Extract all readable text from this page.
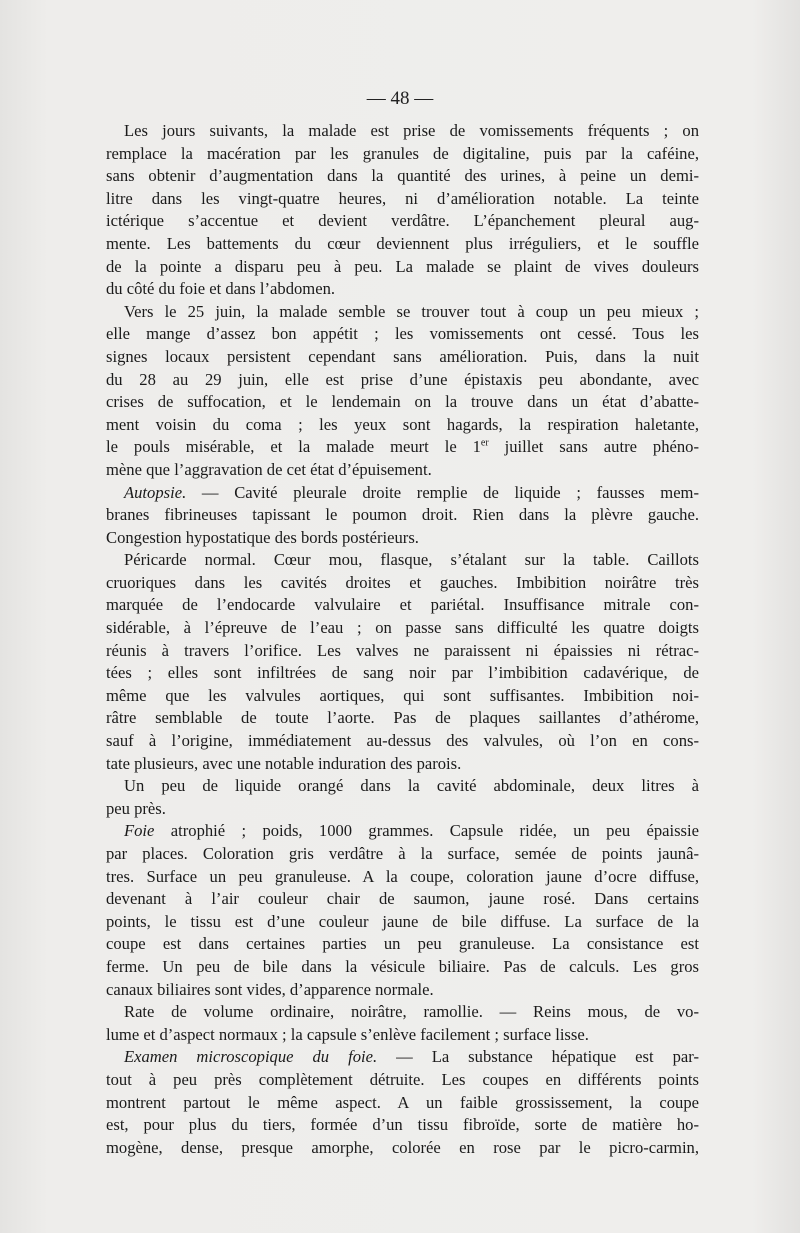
— 48 —
Les jours suivants, la malade est prise de vomissements fréquents ; on
remplace la macération par les granules de digitaline, puis par la caféine,
sans obtenir d’augmentation dans la quantité des urines, à peine un demi-
litre dans les vingt-quatre heures, ni d’amélioration notable. La teinte
ictérique s’accentue et devient verdâtre. L’épanchement pleural aug-
mente. Les battements du cœur deviennent plus irréguliers, et le souffle
de la pointe a disparu peu à peu. La malade se plaint de vives douleurs
du côté du foie et dans l’abdomen.
Vers le 25 juin, la malade semble se trouver tout à coup un peu mieux ;
elle mange d’assez bon appétit ; les vomissements ont cessé. Tous les
signes locaux persistent cependant sans amélioration. Puis, dans la nuit
du 28 au 29 juin, elle est prise d’une épistaxis peu abondante, avec
crises de suffocation, et le lendemain on la trouve dans un état d’abatte-
ment voisin du coma ; les yeux sont hagards, la respiration haletante,
le pouls misérable, et la malade meurt le 1er juillet sans autre phéno-
mène que l’aggravation de cet état d’épuisement.
Autopsie. — Cavité pleurale droite remplie de liquide ; fausses mem-
branes fibrineuses tapissant le poumon droit. Rien dans la plèvre gauche.
Congestion hypostatique des bords postérieurs.
Péricarde normal. Cœur mou, flasque, s’étalant sur la table. Caillots
cruoriques dans les cavités droites et gauches. Imbibition noirâtre très
marquée de l’endocarde valvulaire et pariétal. Insuffisance mitrale con-
sidérable, à l’épreuve de l’eau ; on passe sans difficulté les quatre doigts
réunis à travers l’orifice. Les valves ne paraissent ni épaissies ni rétrac-
tées ; elles sont infiltrées de sang noir par l’imbibition cadavérique, de
même que les valvules aortiques, qui sont suffisantes. Imbibition noi-
râtre semblable de toute l’aorte. Pas de plaques saillantes d’athérome,
sauf à l’origine, immédiatement au-dessus des valvules, où l’on en cons-
tate plusieurs, avec une notable induration des parois.
Un peu de liquide orangé dans la cavité abdominale, deux litres à
peu près.
Foie atrophié ; poids, 1000 grammes. Capsule ridée, un peu épaissie
par places. Coloration gris verdâtre à la surface, semée de points jaunâ-
tres. Surface un peu granuleuse. A la coupe, coloration jaune d’ocre diffuse,
devenant à l’air couleur chair de saumon, jaune rosé. Dans certains
points, le tissu est d’une couleur jaune de bile diffuse. La surface de la
coupe est dans certaines parties un peu granuleuse. La consistance est
ferme. Un peu de bile dans la vésicule biliaire. Pas de calculs. Les gros
canaux biliaires sont vides, d’apparence normale.
Rate de volume ordinaire, noirâtre, ramollie. — Reins mous, de vo-
lume et d’aspect normaux ; la capsule s’enlève facilement ; surface lisse.
Examen microscopique du foie. — La substance hépatique est par-
tout à peu près complètement détruite. Les coupes en différents points
montrent partout le même aspect. A un faible grossissement, la coupe
est, pour plus du tiers, formée d’un tissu fibroïde, sorte de matière ho-
mogène, dense, presque amorphe, colorée en rose par le picro-carmin,
